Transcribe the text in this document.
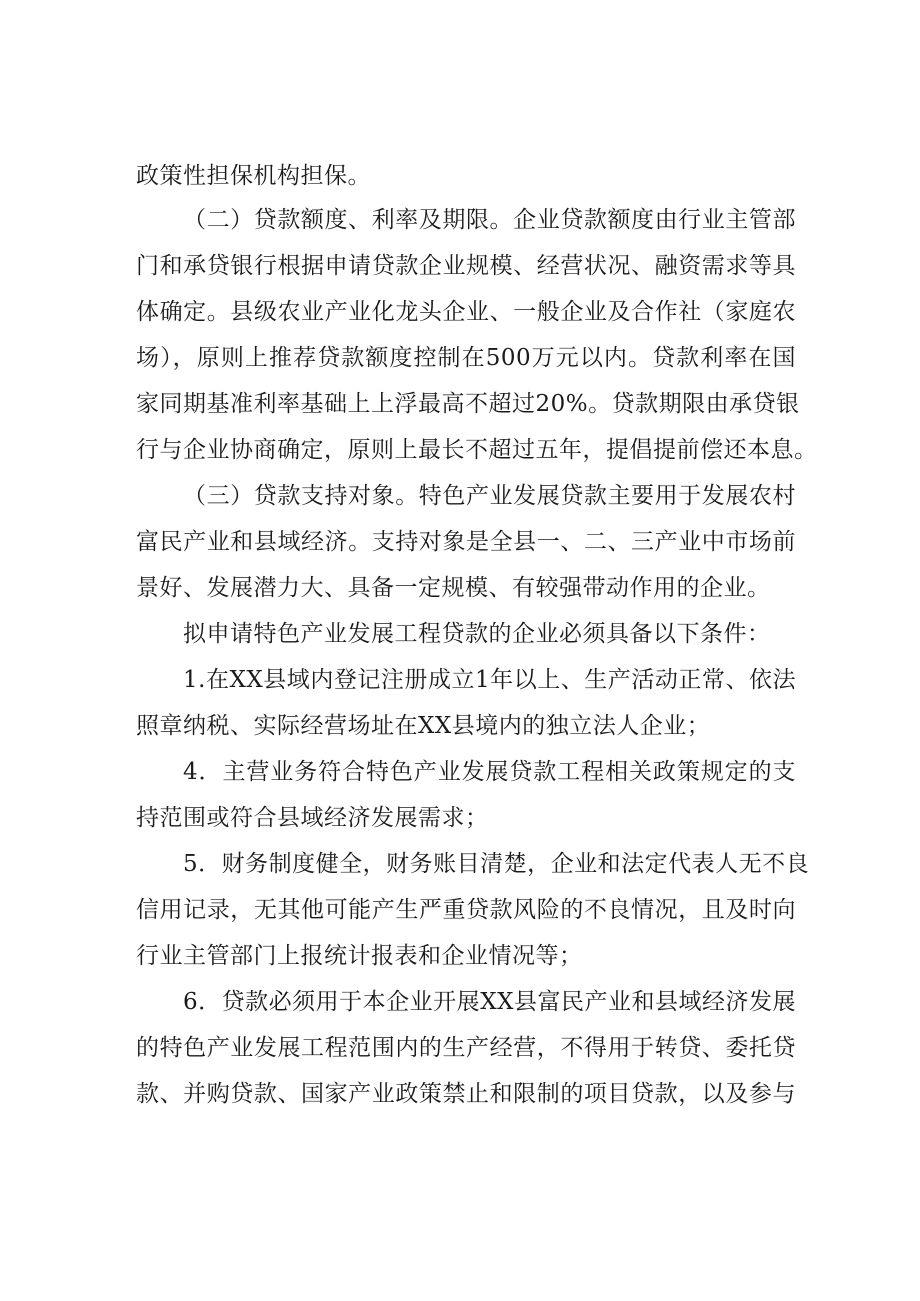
政策性担保机构担保。
（二）贷款额度、利率及期限。企业贷款额度由行业主管部
门和承贷银行根据申请贷款企业规模、经营状况、融资需求等具
体确定。县级农业产业化龙头企业、一般企业及合作社（家庭农
场），原则上推荐贷款额度控制在500万元以内。贷款利率在国
家同期基准利率基础上上浮最高不超过20%。贷款期限由承贷银
行与企业协商确定，原则上最长不超过五年，提倡提前偿还本息。
（三）贷款支持对象。特色产业发展贷款主要用于发展农村
富民产业和县域经济。支持对象是全县一、二、三产业中市场前
景好、发展潜力大、具备一定规模、有较强带动作用的企业。
拟申请特色产业发展工程贷款的企业必须具备以下条件：
1.在XX县域内登记注册成立1年以上、生产活动正常、依法
照章纳税、实际经营场址在XX县境内的独立法人企业；
4．主营业务符合特色产业发展贷款工程相关政策规定的支
持范围或符合县域经济发展需求；
5．财务制度健全，财务账目清楚，企业和法定代表人无不良
信用记录，无其他可能产生严重贷款风险的不良情况，且及时向
行业主管部门上报统计报表和企业情况等；
6．贷款必须用于本企业开展XX县富民产业和县域经济发展
的特色产业发展工程范围内的生产经营，不得用于转贷、委托贷
款、并购贷款、国家产业政策禁止和限制的项目贷款，以及参与
